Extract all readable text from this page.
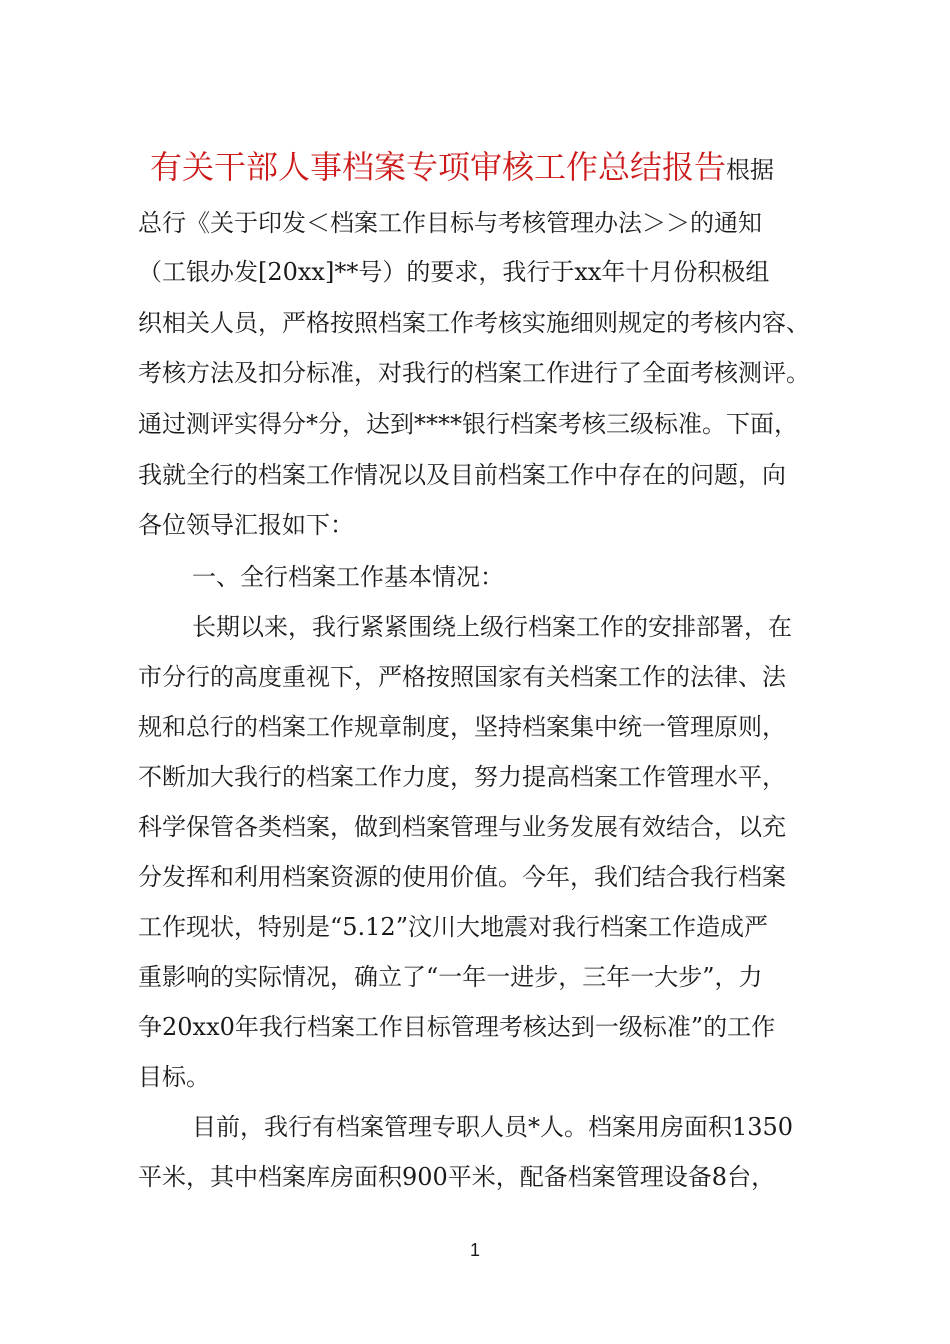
有关干部人事档案专项审核工作总结报告根据
总行《关于印发＜档案工作目标与考核管理办法＞＞的通知
（工银办发[20xx]**号）的要求，我行于xx年十月份积极组
织相关人员，严格按照档案工作考核实施细则规定的考核内容、
考核方法及扣分标准，对我行的档案工作进行了全面考核测评。
通过测评实得分*分，达到****银行档案考核三级标准。下面，
我就全行的档案工作情况以及目前档案工作中存在的问题，向
各位领导汇报如下：
一、全行档案工作基本情况：
长期以来，我行紧紧围绕上级行档案工作的安排部署，在
市分行的高度重视下，严格按照国家有关档案工作的法律、法
规和总行的档案工作规章制度，坚持档案集中统一管理原则，
不断加大我行的档案工作力度，努力提高档案工作管理水平，
科学保管各类档案，做到档案管理与业务发展有效结合，以充
分发挥和利用档案资源的使用价值。今年，我们结合我行档案
工作现状，特别是“5.12”汶川大地震对我行档案工作造成严
重影响的实际情况，确立了“一年一进步，三年一大步”，力
争20xx0年我行档案工作目标管理考核达到一级标准”的工作
目标。
目前，我行有档案管理专职人员*人。档案用房面积1350
平米，其中档案库房面积900平米，配备档案管理设备8台，
1
